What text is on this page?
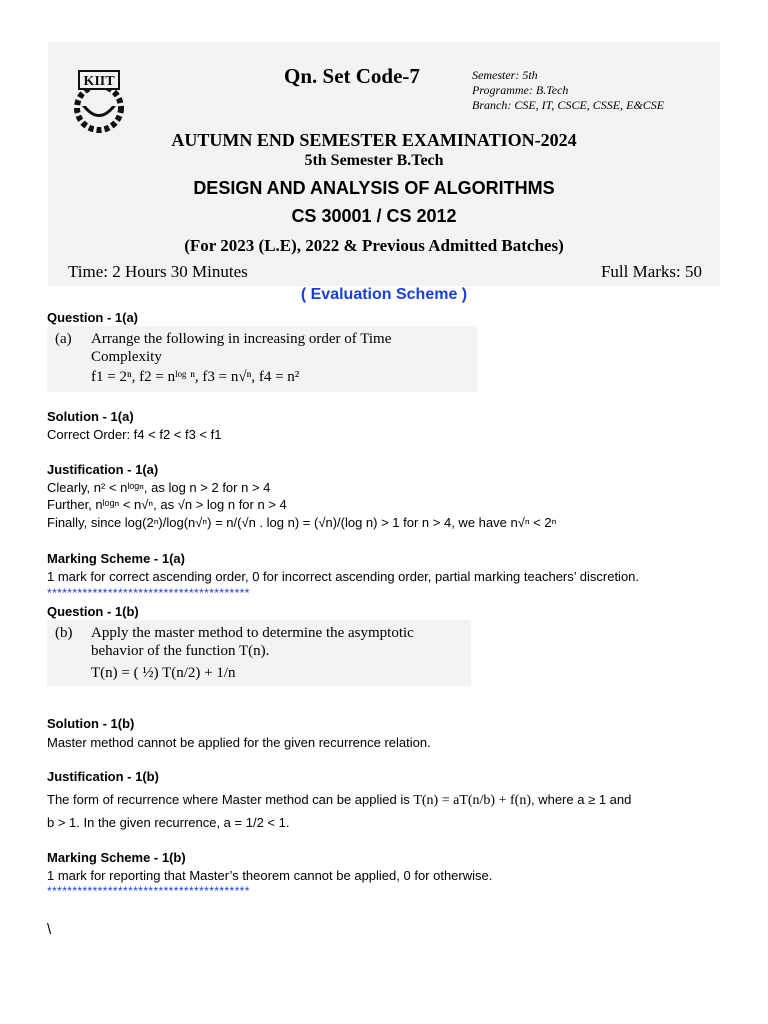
KIIT	Qn. Set Code-7	Semester: 5th
Programme: B.Tech
Branch: CSE, IT, CSCE, CSSE, E&CSE
AUTUMN END SEMESTER EXAMINATION-2024
5th Semester B.Tech
DESIGN AND ANALYSIS OF ALGORITHMS
CS 30001 / CS 2012
(For 2023 (L.E), 2022 & Previous Admitted Batches)
Time: 2 Hours 30 Minutes	Full Marks: 50
( Evaluation Scheme )
Question - 1(a)
(a) Arrange the following in increasing order of Time
Complexity
f1 = 2ⁿ, f2 = nˡᵒᵍ ⁿ, f3 = n√ⁿ, f4 = n²
Solution - 1(a)
Correct Order: f4 < f2 < f3 < f1
Justification - 1(a)
Clearly, n² < nˡᵒᵍⁿ, as log n > 2 for n > 4
Further, nˡᵒᵍⁿ < n√ⁿ, as √n > log n for n > 4
Finally, since log(2ⁿ)/log(n√ⁿ) = n/(√n . log n) = (√n)/(log n) > 1 for n > 4, we have n√ⁿ < 2ⁿ
Marking Scheme - 1(a)
1 mark for correct ascending order, 0 for incorrect ascending order, partial marking teachers’ discretion.
****************************************
Question - 1(b)
(b) Apply the master method to determine the asymptotic
behavior of the function T(n).
T(n) = ( ½) T(n/2) + 1/n
Solution - 1(b)
Master method cannot be applied for the given recurrence relation.
Justification - 1(b)
The form of recurrence where Master method can be applied is T(n) = aT(n/b) + f(n), where a ≥ 1 and
b > 1. In the given recurrence, a = 1/2 < 1.
Marking Scheme - 1(b)
1 mark for reporting that Master’s theorem cannot be applied, 0 for otherwise.
****************************************
\
